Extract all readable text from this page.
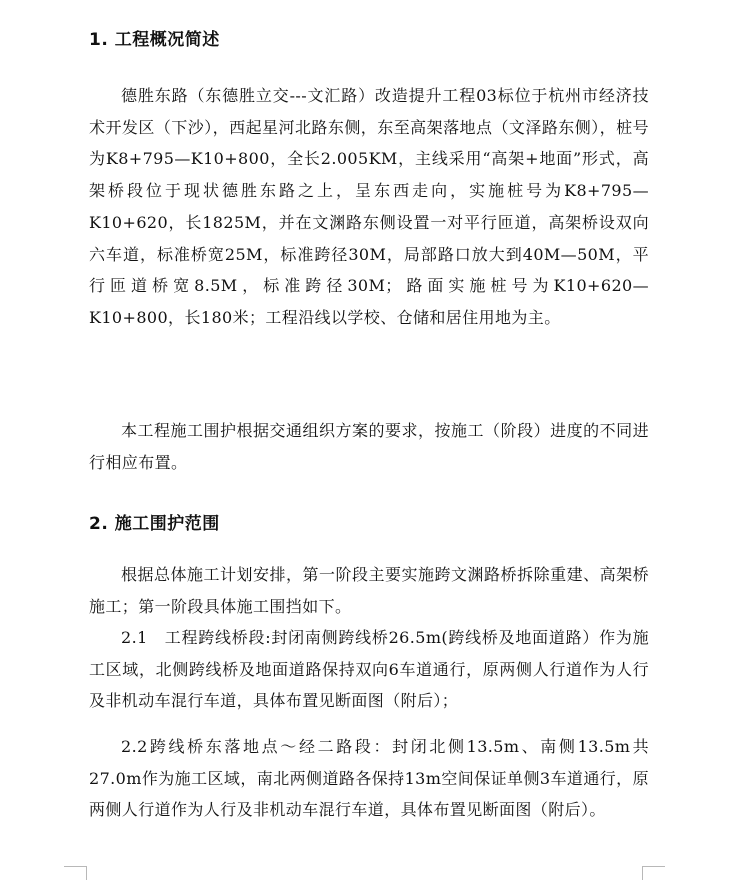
1. 工程概况简述

德胜东路（东德胜立交---文汇路）改造提升工程03标位于杭州市经济技术开发区（下沙），西起星河北路东侧，东至高架落地点（文泽路东侧），桩号为K8+795—K10+800，全长2.005KM，主线采用“高架+地面”形式，高架桥段位于现状德胜东路之上，呈东西走向，实施桩号为K8+795—K10+620，长1825M，并在文渊路东侧设置一对平行匝道，高架桥设双向六车道，标准桥宽25M，标准跨径30M，局部路口放大到40M—50M，平行匝道桥宽8.5M，标准跨径30M；路面实施桩号为K10+620—K10+800，长180米；工程沿线以学校、仓储和居住用地为主。

本工程施工围护根据交通组织方案的要求，按施工（阶段）进度的不同进行相应布置。

2. 施工围护范围

根据总体施工计划安排，第一阶段主要实施跨文渊路桥拆除重建、高架桥施工；第一阶段具体施工围挡如下。

2.1　工程跨线桥段:封闭南侧跨线桥26.5m(跨线桥及地面道路）作为施工区域，北侧跨线桥及地面道路保持双向6车道通行，原两侧人行道作为人行及非机动车混行车道，具体布置见断面图（附后）；

2.2跨线桥东落地点～经二路段：封闭北侧13.5m、南侧13.5m共27.0m作为施工区域，南北两侧道路各保持13m空间保证单侧3车道通行，原两侧人行道作为人行及非机动车混行车道，具体布置见断面图（附后）。
